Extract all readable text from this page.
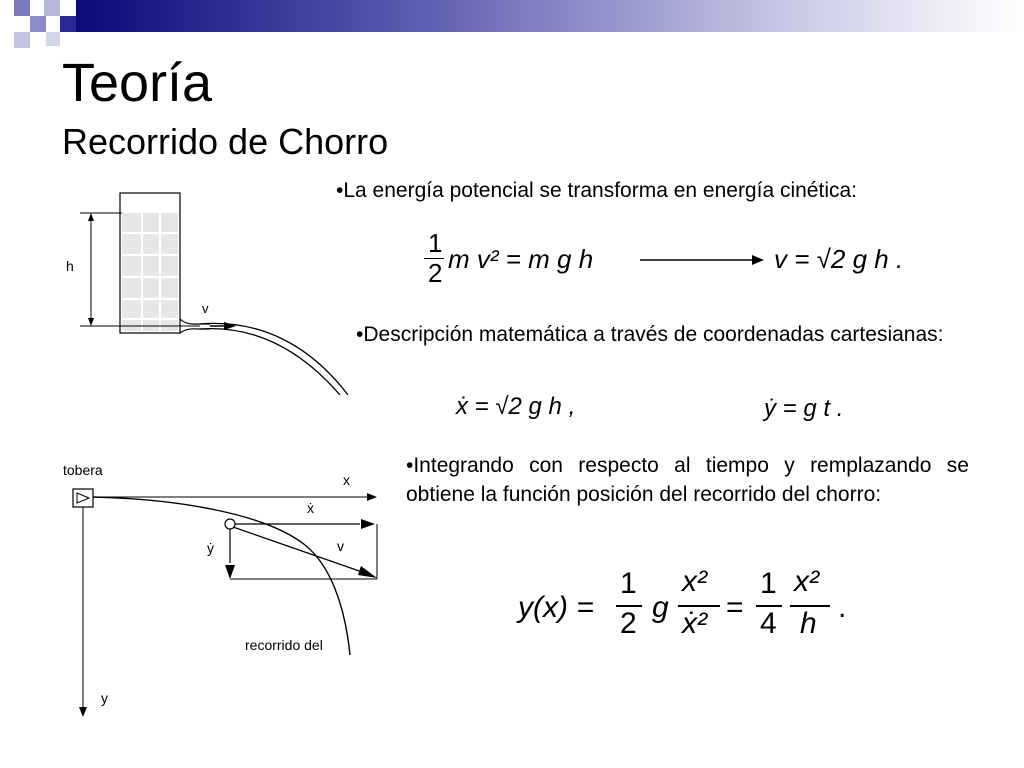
Teoría
Recorrido de Chorro
h
v
tobera
x
y
ẋ
ẏ	v
recorrido del
•La energía potencial se transforma en energía cinética:
1
2 m v² = m g h	v = √2 g h .
•Descripción matemática a través de coordenadas cartesianas:
ẋ = √2 g h ,	ẏ = g t .
•Integrando con respecto al tiempo y remplazando se obtiene la función posición del recorrido del chorro:
y(x) =
1
2 g
x²
ẋ² =
1
4
x²
h .
